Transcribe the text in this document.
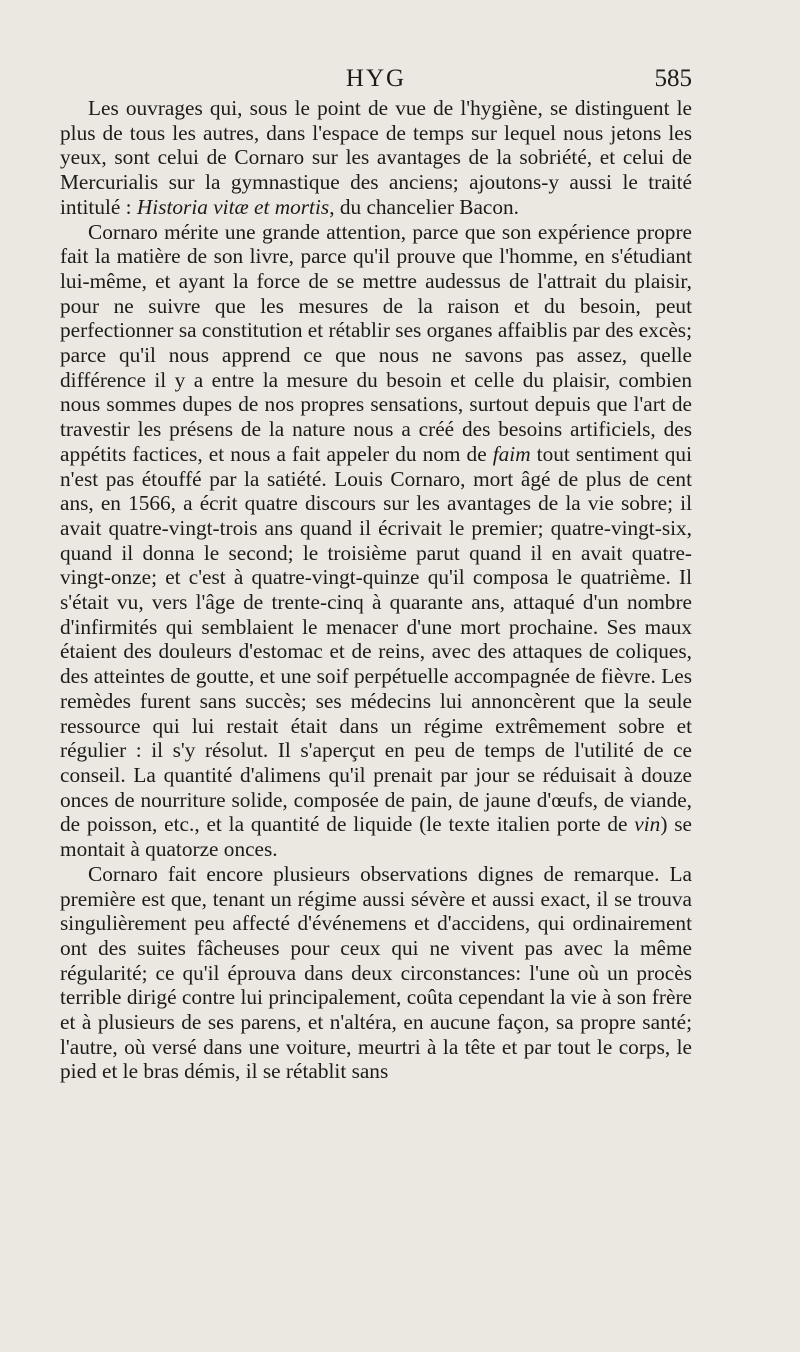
HYG	585

Les ouvrages qui, sous le point de vue de l'hygiène, se distinguent le plus de tous les autres, dans l'espace de temps sur lequel nous jetons les yeux, sont celui de Cornaro sur les avantages de la sobriété, et celui de Mercurialis sur la gymnastique des anciens; ajoutons-y aussi le traité intitulé : Historia vitæ et mortis, du chancelier Bacon.

Cornaro mérite une grande attention, parce que son expérience propre fait la matière de son livre, parce qu'il prouve que l'homme, en s'étudiant lui-même, et ayant la force de se mettre audessus de l'attrait du plaisir, pour ne suivre que les mesures de la raison et du besoin, peut perfectionner sa constitution et rétablir ses organes affaiblis par des excès; parce qu'il nous apprend ce que nous ne savons pas assez, quelle différence il y a entre la mesure du besoin et celle du plaisir, combien nous sommes dupes de nos propres sensations, surtout depuis que l'art de travestir les présens de la nature nous a créé des besoins artificiels, des appétits factices, et nous a fait appeler du nom de faim tout sentiment qui n'est pas étouffé par la satiété. Louis Cornaro, mort âgé de plus de cent ans, en 1566, a écrit quatre discours sur les avantages de la vie sobre; il avait quatre-vingt-trois ans quand il écrivait le premier; quatre-vingt-six, quand il donna le second; le troisième parut quand il en avait quatre-vingt-onze; et c'est à quatre-vingt-quinze qu'il composa le quatrième. Il s'était vu, vers l'âge de trente-cinq à quarante ans, attaqué d'un nombre d'infirmités qui semblaient le menacer d'une mort prochaine. Ses maux étaient des douleurs d'estomac et de reins, avec des attaques de coliques, des atteintes de goutte, et une soif perpétuelle accompagnée de fièvre. Les remèdes furent sans succès; ses médecins lui annoncèrent que la seule ressource qui lui restait était dans un régime extrêmement sobre et régulier : il s'y résolut. Il s'aperçut en peu de temps de l'utilité de ce conseil. La quantité d'alimens qu'il prenait par jour se réduisait à douze onces de nourriture solide, composée de pain, de jaune d'œufs, de viande, de poisson, etc., et la quantité de liquide (le texte italien porte de vin) se montait à quatorze onces.

Cornaro fait encore plusieurs observations dignes de remarque. La première est que, tenant un régime aussi sévère et aussi exact, il se trouva singulièrement peu affecté d'événemens et d'accidens, qui ordinairement ont des suites fâcheuses pour ceux qui ne vivent pas avec la même régularité; ce qu'il éprouva dans deux circonstances: l'une où un procès terrible dirigé contre lui principalement, coûta cependant la vie à son frère et à plusieurs de ses parens, et n'altéra, en aucune façon, sa propre santé; l'autre, où versé dans une voiture, meurtri à la tête et par tout le corps, le pied et le bras démis, il se rétablit sans
